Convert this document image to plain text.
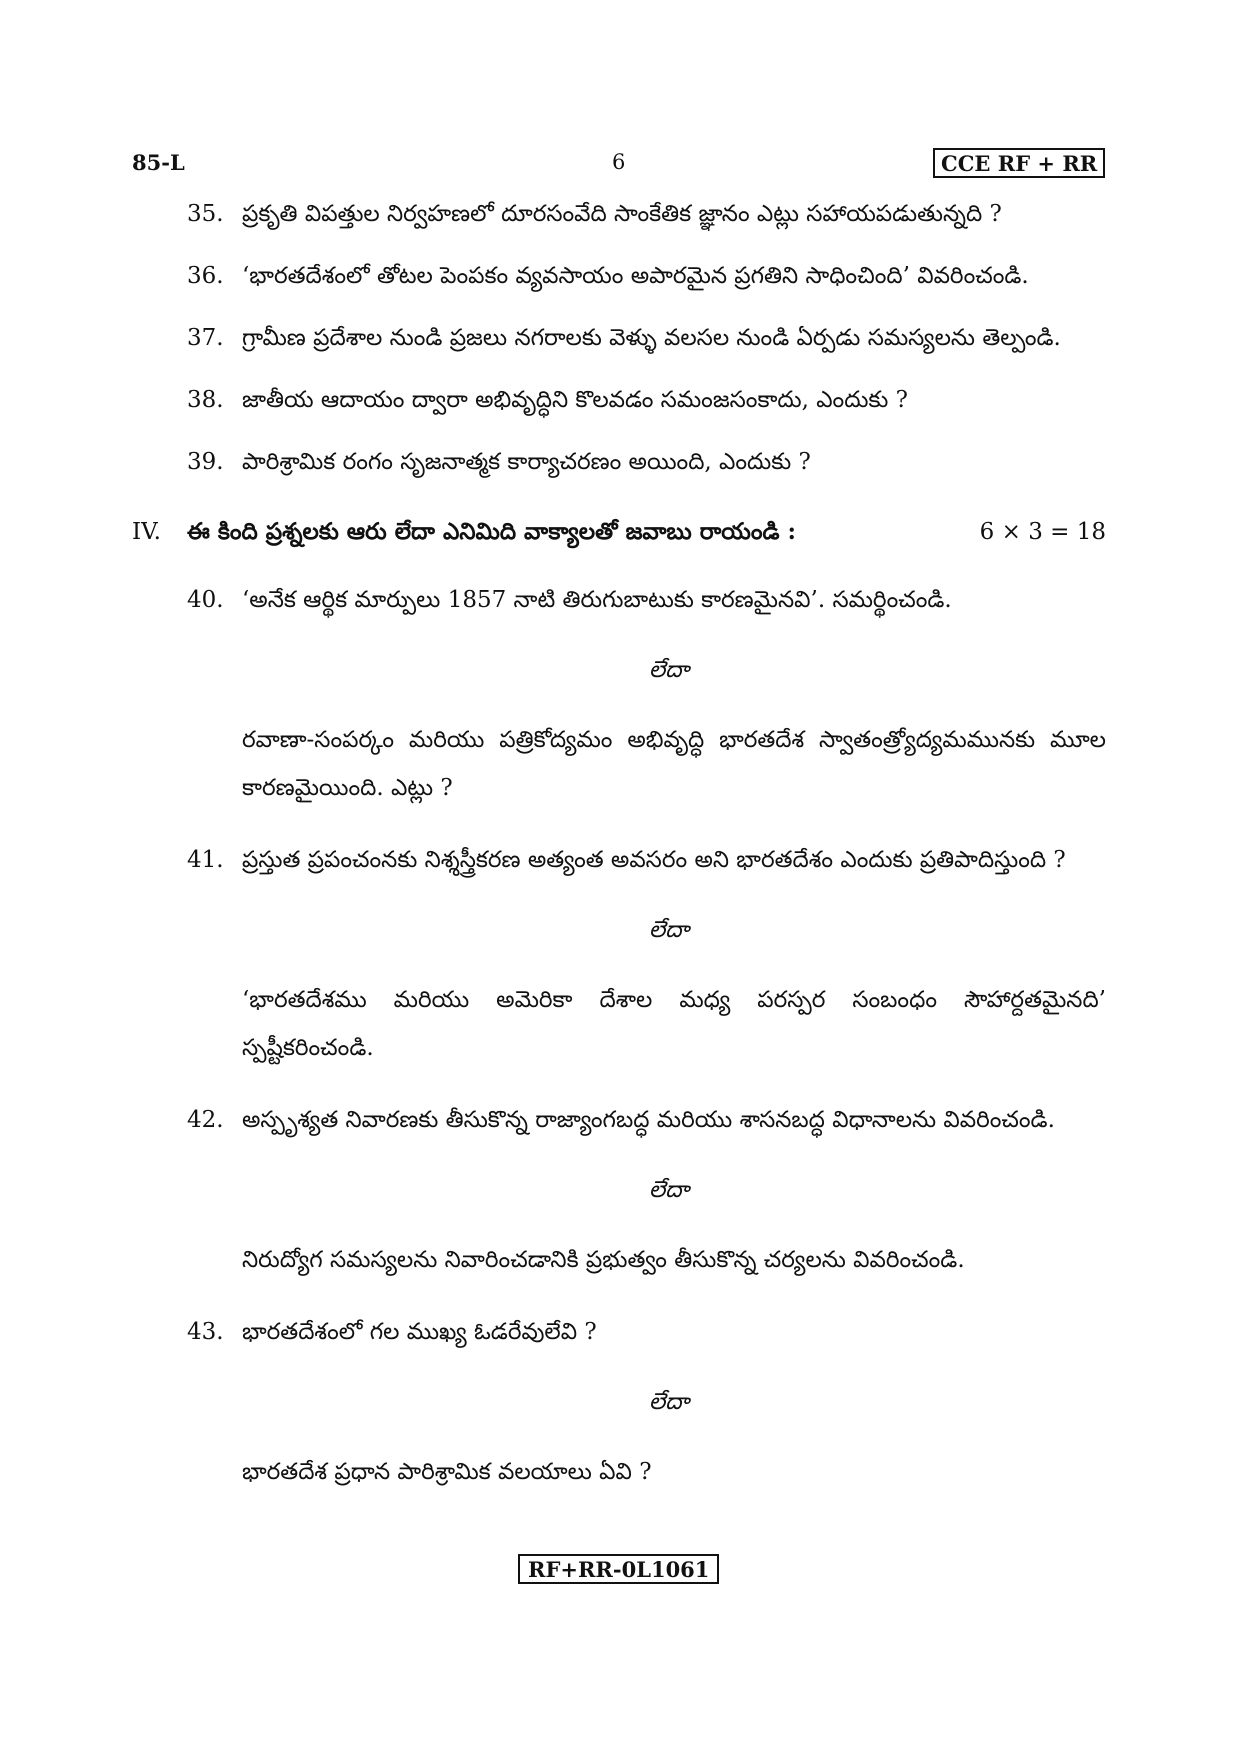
85-L	6	CCE RF + RR
35. ప్రకృతి విపత్తుల నిర్వహణలో దూరసంవేది సాంకేతిక జ్ఞానం ఎట్లు సహాయపడుతున్నది ?
36. ‘భారతదేశంలో తోటల పెంపకం వ్యవసాయం అపారమైన ప్రగతిని సాధించింది’ వివరించండి.
37. గ్రామీణ ప్రదేశాల నుండి ప్రజలు నగరాలకు వెళ్ళు వలసల నుండి ఏర్పడు సమస్యలను తెల్పండి.
38. జాతీయ ఆదాయం ద్వారా అభివృద్ధిని కొలవడం సమంజసంకాదు, ఎందుకు ?
39. పారిశ్రామిక రంగం సృజనాత్మక కార్యాచరణం అయింది, ఎందుకు ?
IV. ఈ కింది ప్రశ్నలకు ఆరు లేదా ఎనిమిది వాక్యాలతో జవాబు రాయండి :	6 × 3 = 18
40. ‘అనేక ఆర్థిక మార్పులు 1857 నాటి తిరుగుబాటుకు కారణమైనవి’. సమర్థించండి.
లేదా
రవాణా-సంపర్కం మరియు పత్రికోద్యమం అభివృద్ధి భారతదేశ స్వాతంత్ర్యోద్యమమునకు మూల కారణమైయింది. ఎట్లు ?
41. ప్రస్తుత ప్రపంచంనకు నిశ్శస్త్రీకరణ అత్యంత అవసరం అని భారతదేశం ఎందుకు ప్రతిపాదిస్తుంది ?
లేదా
‘భారతదేశము మరియు అమెరికా దేశాల మధ్య పరస్పర సంబంధం సౌహార్దతమైనది’ స్పష్టీకరించండి.
42. అస్పృశ్యత నివారణకు తీసుకొన్న రాజ్యాంగబద్ధ మరియు శాసనబద్ధ విధానాలను వివరించండి.
లేదా
నిరుద్యోగ సమస్యలను నివారించడానికి ప్రభుత్వం తీసుకొన్న చర్యలను వివరించండి.
43. భారతదేశంలో గల ముఖ్య ఓడరేవులేవి ?
లేదా
భారతదేశ ప్రధాన పారిశ్రామిక వలయాలు ఏవి ?
RF+RR-0L1061
